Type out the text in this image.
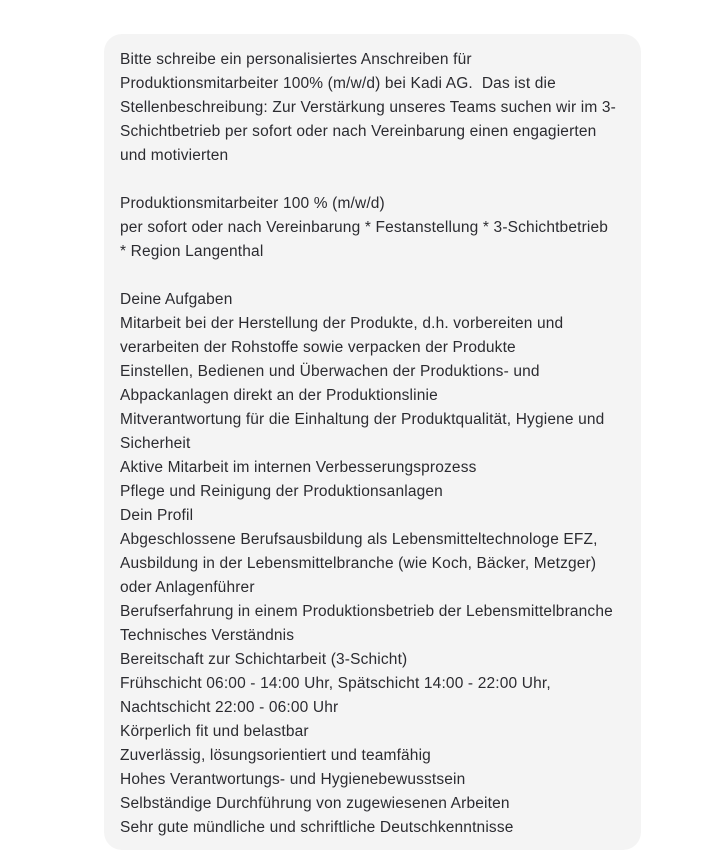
Bitte schreibe ein personalisiertes Anschreiben für

Produktionsmitarbeiter 100% (m/w/d) bei Kadi AG.  Das ist die

Stellenbeschreibung: Zur Verstärkung unseres Teams suchen wir im 3-

Schichtbetrieb per sofort oder nach Vereinbarung einen engagierten

und motivierten

Produktionsmitarbeiter 100 % (m/w/d)

per sofort oder nach Vereinbarung * Festanstellung * 3-Schichtbetrieb

* Region Langenthal

Deine Aufgaben

Mitarbeit bei der Herstellung der Produkte, d.h. vorbereiten und

verarbeiten der Rohstoffe sowie verpacken der Produkte

Einstellen, Bedienen und Überwachen der Produktions- und

Abpackanlagen direkt an der Produktionslinie

Mitverantwortung für die Einhaltung der Produktqualität, Hygiene und

Sicherheit

Aktive Mitarbeit im internen Verbesserungsprozess

Pflege und Reinigung der Produktionsanlagen

Dein Profil

Abgeschlossene Berufsausbildung als Lebensmitteltechnologe EFZ,

Ausbildung in der Lebensmittelbranche (wie Koch, Bäcker, Metzger)

oder Anlagenführer

Berufserfahrung in einem Produktionsbetrieb der Lebensmittelbranche

Technisches Verständnis

Bereitschaft zur Schichtarbeit (3-Schicht)

Frühschicht 06:00 - 14:00 Uhr, Spätschicht 14:00 - 22:00 Uhr,

Nachtschicht 22:00 - 06:00 Uhr

Körperlich fit und belastbar

Zuverlässig, lösungsorientiert und teamfähig

Hohes Verantwortungs- und Hygienebewusstsein

Selbständige Durchführung von zugewiesenen Arbeiten

Sehr gute mündliche und schriftliche Deutschkenntnisse
